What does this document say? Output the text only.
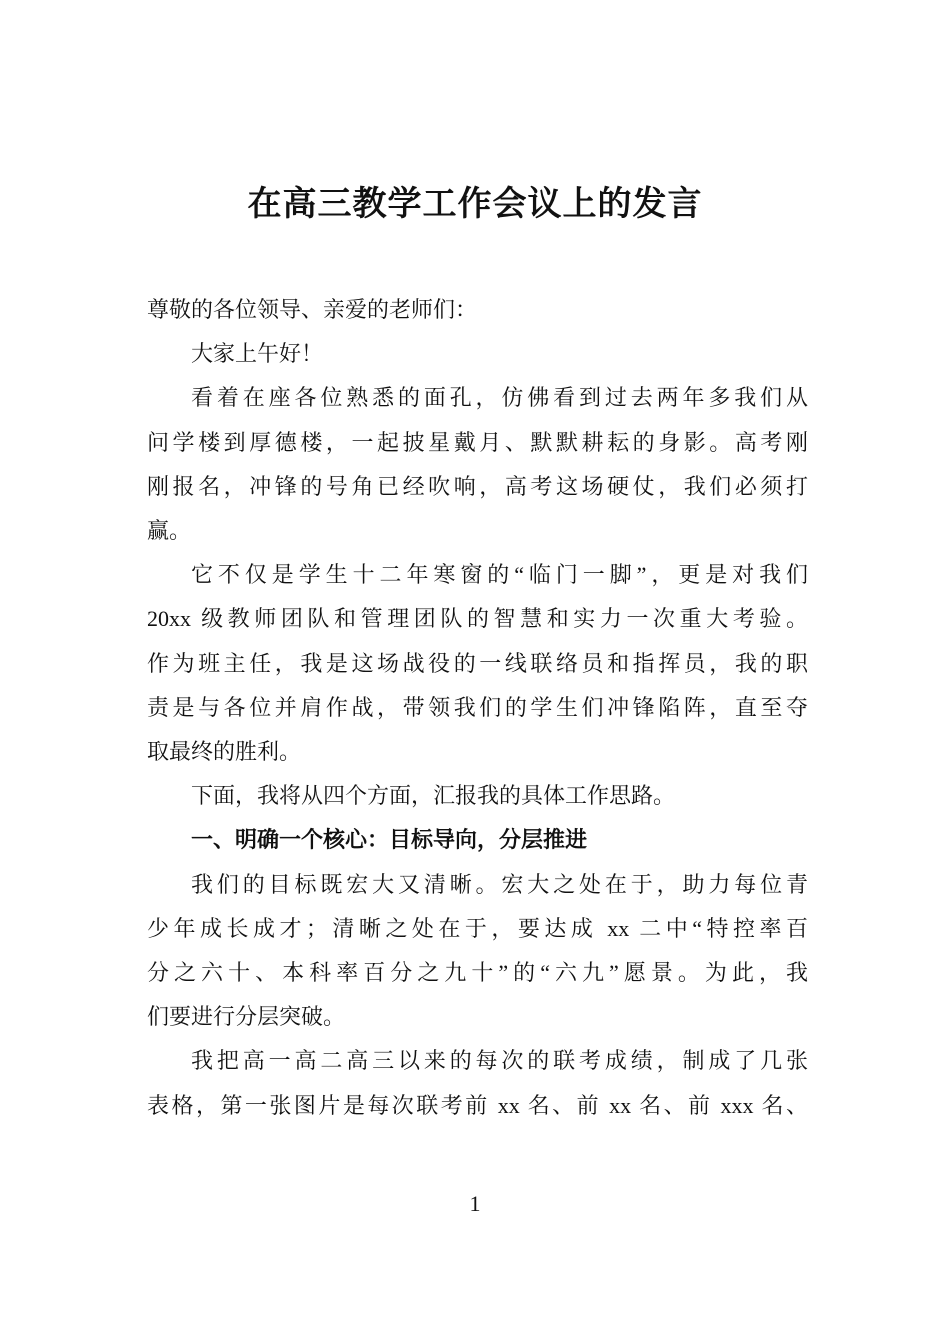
在高三教学工作会议上的发言
尊敬的各位领导、亲爱的老师们：
大家上午好！
看着在座各位熟悉的面孔，仿佛看到过去两年多我们从
问学楼到厚德楼，一起披星戴月、默默耕耘的身影。高考刚
刚报名，冲锋的号角已经吹响，高考这场硬仗，我们必须打
赢。
它不仅是学生十二年寒窗的“临门一脚”，更是对我们
20xx 级教师团队和管理团队的智慧和实力一次重大考验。
作为班主任，我是这场战役的一线联络员和指挥员，我的职
责是与各位并肩作战，带领我们的学生们冲锋陷阵，直至夺
取最终的胜利。
下面，我将从四个方面，汇报我的具体工作思路。
一、明确一个核心：目标导向，分层推进
我们的目标既宏大又清晰。宏大之处在于，助力每位青
少年成长成才；清晰之处在于，要达成 xx 二中“特控率百
分之六十、本科率百分之九十”的“六九”愿景。为此，我
们要进行分层突破。
我把高一高二高三以来的每次的联考成绩，制成了几张
表格，第一张图片是每次联考前 xx 名、前 xx 名、前 xxx 名、
1
